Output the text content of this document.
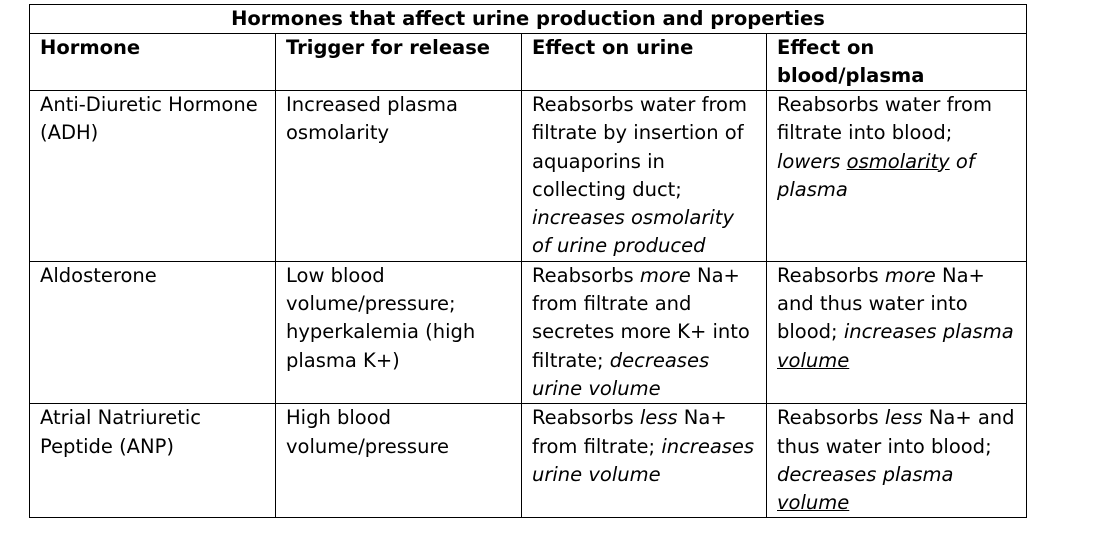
Hormones that affect urine production and properties			
Hormone	Trigger for release	Effect on urine	Effect on blood/plasma
Anti-Diuretic Hormone (ADH)	Increased plasma osmolarity	Reabsorbs water from filtrate by insertion of aquaporins in collecting duct; increases osmolarity of urine produced	Reabsorbs water from filtrate into blood; lowers osmolarity of plasma
Aldosterone	Low blood volume/pressure; hyperkalemia (high plasma K+)	Reabsorbs more Na+ from filtrate and secretes more K+ into filtrate; decreases urine volume	Reabsorbs more Na+ and thus water into blood; increases plasma volume
Atrial Natriuretic Peptide (ANP)	High blood volume/pressure	Reabsorbs less Na+ from filtrate; increases urine volume	Reabsorbs less Na+ and thus water into blood; decreases plasma volume
